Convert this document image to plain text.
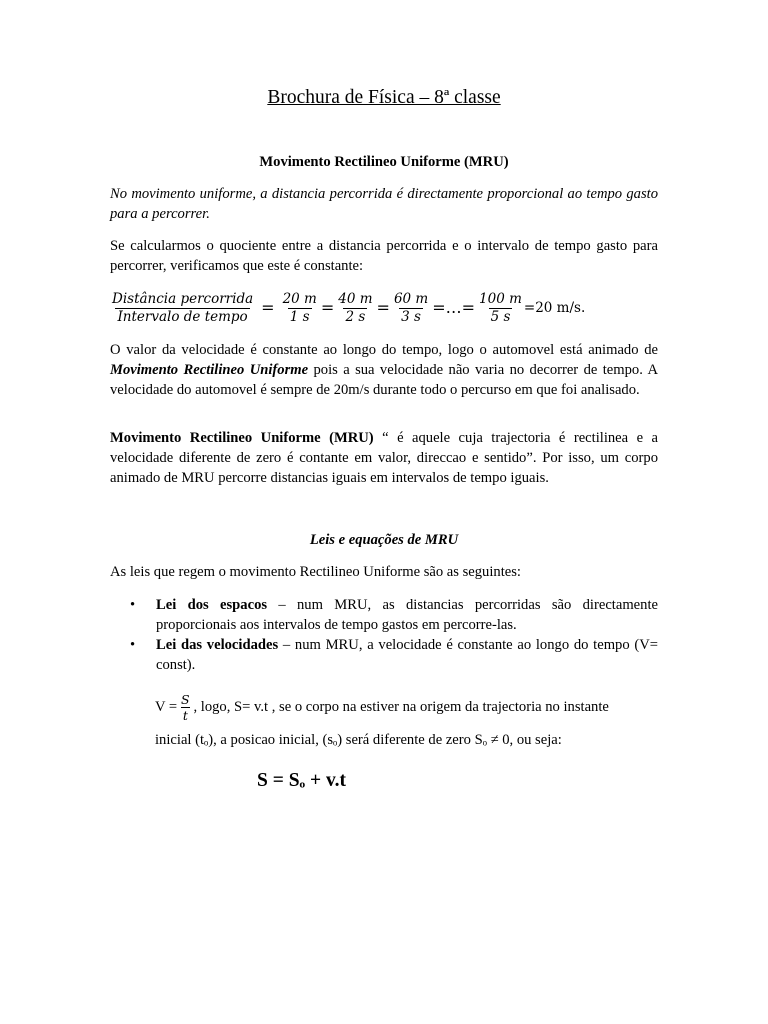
Brochura de Física – 8ª classe
Movimento Rectilineo Uniforme (MRU)

No movimento uniforme, a distancia percorrida é directamente proporcional ao tempo gasto para a percorrer.

Se calcularmos o quociente entre a distancia percorrida e o intervalo de tempo gasto para percorrer, verificamos que este é constante:

$\frac{\text{Distância percorrida}}{\text{Intervalo de tempo}} = \frac{20 m}{1 s} = \frac{40 m}{2 s} = \frac{60 m}{3 s}$ =…= $\frac{100 m}{5 s} =20$ m/s.

O valor da velocidade é constante ao longo do tempo, logo o automovel está animado de Movimento Rectilineo Uniforme pois a sua velocidade não varia no decorrer de tempo. A velocidade do automovel é sempre de 20m/s durante todo o percurso em que foi analisado.

Movimento Rectilineo Uniforme (MRU) “ é aquele cuja trajectoria é rectilinea e a velocidade diferente de zero é contante em valor, direccao e sentido”. Por isso, um corpo animado de MRU percorre distancias iguais em intervalos de tempo iguais.

Leis e equações de MRU

As leis que regem o movimento Rectilineo Uniforme são as seguintes:

• Lei dos espacos – num MRU, as distancias percorridas são directamente proporcionais aos intervalos de tempo gastos em percorre-las.
• Lei das velocidades – num MRU, a velocidade é constante ao longo do tempo (V= const).
$V = \frac{S}{t}$ , logo, S= v.t , se o corpo na estiver na origem da trajectoria no instante
inicial (tₒ), a posicao inicial, (sₒ) será diferente de zero Sₒ ≠ 0, ou seja:
S = Sₒ + v.t
